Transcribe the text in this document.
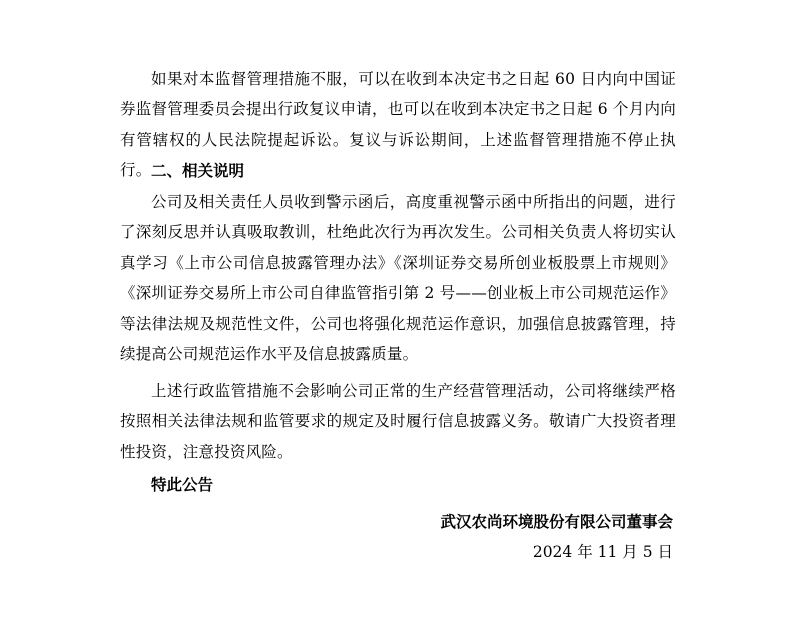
如果对本监督管理措施不服，可以在收到本决定书之日起 60 日内向中国证券监督管理委员会提出行政复议申请，也可以在收到本决定书之日起 6 个月内向有管辖权的人民法院提起诉讼。复议与诉讼期间，上述监督管理措施不停止执行。 二、相关说明
公司及相关责任人员收到警示函后，高度重视警示函中所指出的问题，进行了深刻反思并认真吸取教训，杜绝此次行为再次发生。公司相关负责人将切实认真学习《上市公司信息披露管理办法》《深圳证券交易所创业板股票上市规则》《深圳证券交易所上市公司自律监管指引第 2 号——创业板上市公司规范运作》等法律法规及规范性文件，公司也将强化规范运作意识，加强信息披露管理，持续提高公司规范运作水平及信息披露质量。
上述行政监管措施不会影响公司正常的生产经营管理活动，公司将继续严格按照相关法律法规和监管要求的规定及时履行信息披露义务。敬请广大投资者理性投资，注意投资风险。
特此公告
武汉农尚环境股份有限公司董事会
2024 年 11 月 5 日
